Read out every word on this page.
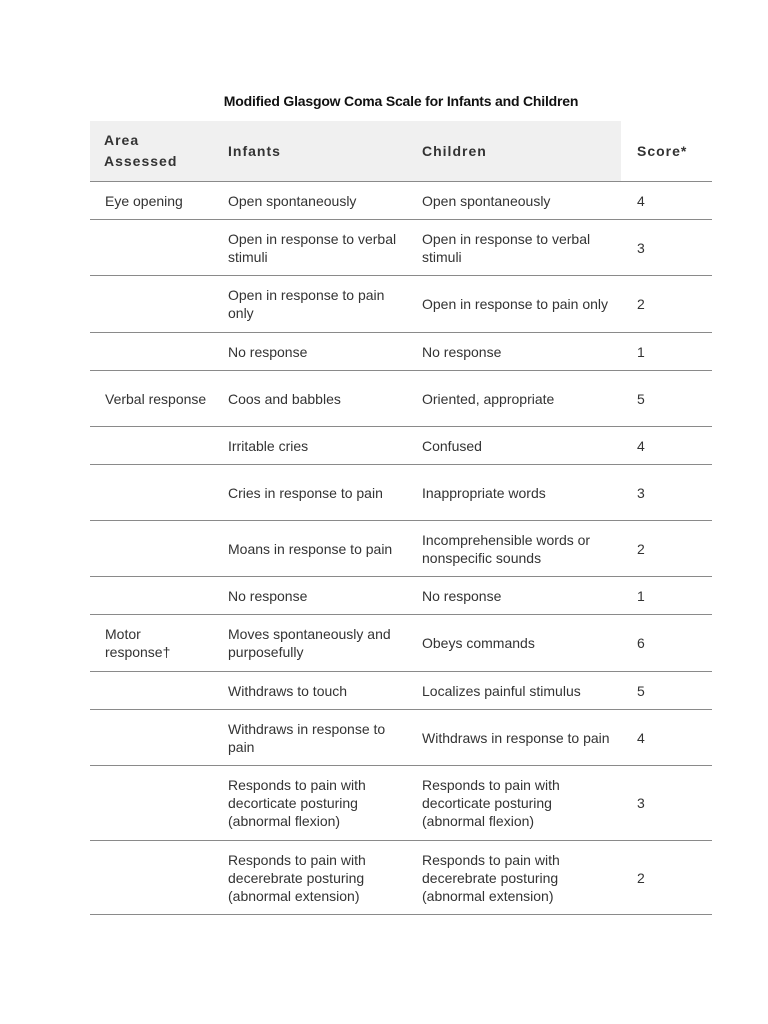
Modified Glasgow Coma Scale for Infants and Children
Area Assessed	Infants	Children	Score*
Eye opening	Open spontaneously	Open spontaneously	4
	Open in response to verbal stimuli	Open in response to verbal stimuli	3
	Open in response to pain only	Open in response to pain only	2
	No response	No response	1
Verbal response	Coos and babbles	Oriented, appropriate	5
	Irritable cries	Confused	4
	Cries in response to pain	Inappropriate words	3
	Moans in response to pain	Incomprehensible words or nonspecific sounds	2
	No response	No response	1
Motor response†	Moves spontaneously and purposefully	Obeys commands	6
	Withdraws to touch	Localizes painful stimulus	5
	Withdraws in response to pain	Withdraws in response to pain	4
	Responds to pain with decorticate posturing (abnormal flexion)	Responds to pain with decorticate posturing (abnormal flexion)	3
	Responds to pain with decerebrate posturing (abnormal extension)	Responds to pain with decerebrate posturing (abnormal extension)	2
